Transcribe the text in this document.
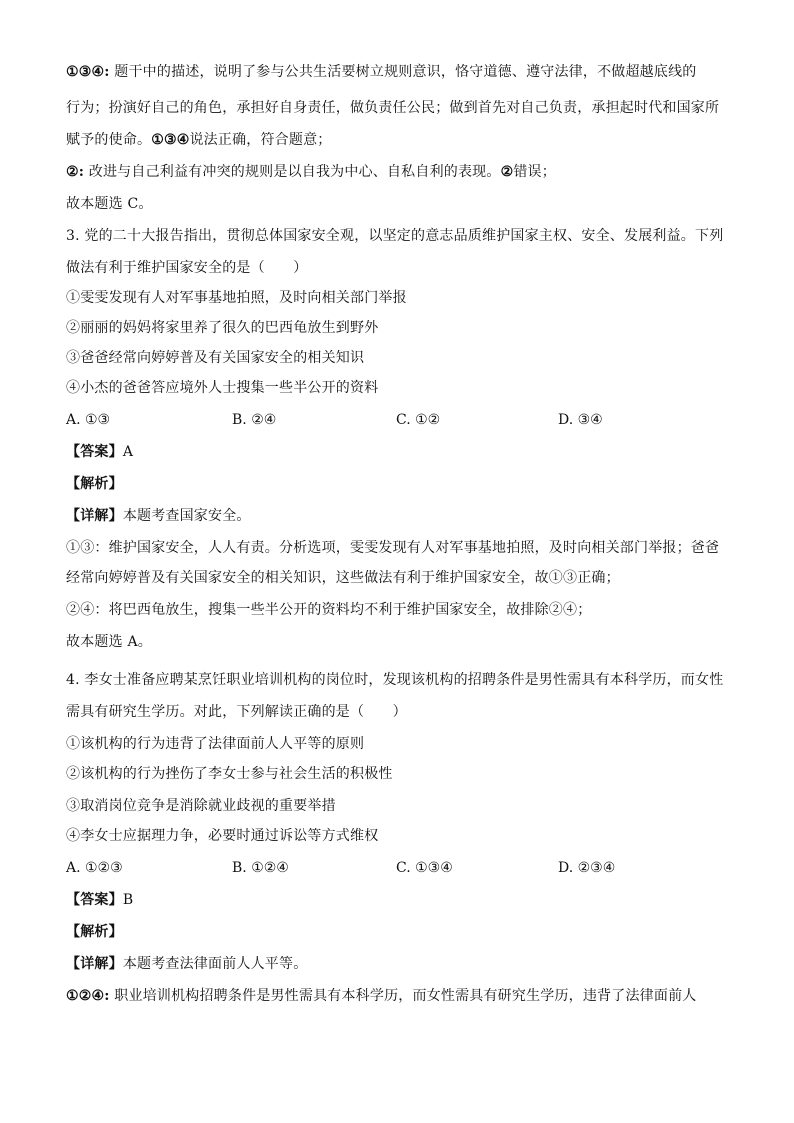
①③④: 题干中的描述，说明了参与公共生活要树立规则意识，恪守道德、遵守法律，不做超越底线的
行为；扮演好自己的角色，承担好自身责任，做负责任公民；做到首先对自己负责，承担起时代和国家所
赋予的使命。①③④说法正确，符合题意；
②: 改进与自己利益有冲突的规则是以自我为中心、自私自利的表现。②错误；
故本题选 C。
3. 党的二十大报告指出，贯彻总体国家安全观，以坚定的意志品质维护国家主权、安全、发展利益。下列
做法有利于维护国家安全的是（　　）
①雯雯发现有人对军事基地拍照，及时向相关部门举报
②丽丽的妈妈将家里养了很久的巴西龟放生到野外
③爸爸经常向婷婷普及有关国家安全的相关知识
④小杰的爸爸答应境外人士搜集一些半公开的资料
A. ①③	B. ②④	C. ①②	D. ③④
【答案】A
【解析】
【详解】本题考查国家安全。
①③：维护国家安全，人人有责。分析选项，雯雯发现有人对军事基地拍照，及时向相关部门举报；爸爸
经常向婷婷普及有关国家安全的相关知识，这些做法有利于维护国家安全，故①③正确；
②④：将巴西龟放生，搜集一些半公开的资料均不利于维护国家安全，故排除②④；
故本题选 A。
4. 李女士准备应聘某烹饪职业培训机构的岗位时，发现该机构的招聘条件是男性需具有本科学历，而女性
需具有研究生学历。对此，下列解读正确的是（　　）
①该机构的行为违背了法律面前人人平等的原则
②该机构的行为挫伤了李女士参与社会生活的积极性
③取消岗位竞争是消除就业歧视的重要举措
④李女士应据理力争，必要时通过诉讼等方式维权
A. ①②③	B. ①②④	C. ①③④	D. ②③④
【答案】B
【解析】
【详解】本题考查法律面前人人平等。
①②④: 职业培训机构招聘条件是男性需具有本科学历，而女性需具有研究生学历，违背了法律面前人
